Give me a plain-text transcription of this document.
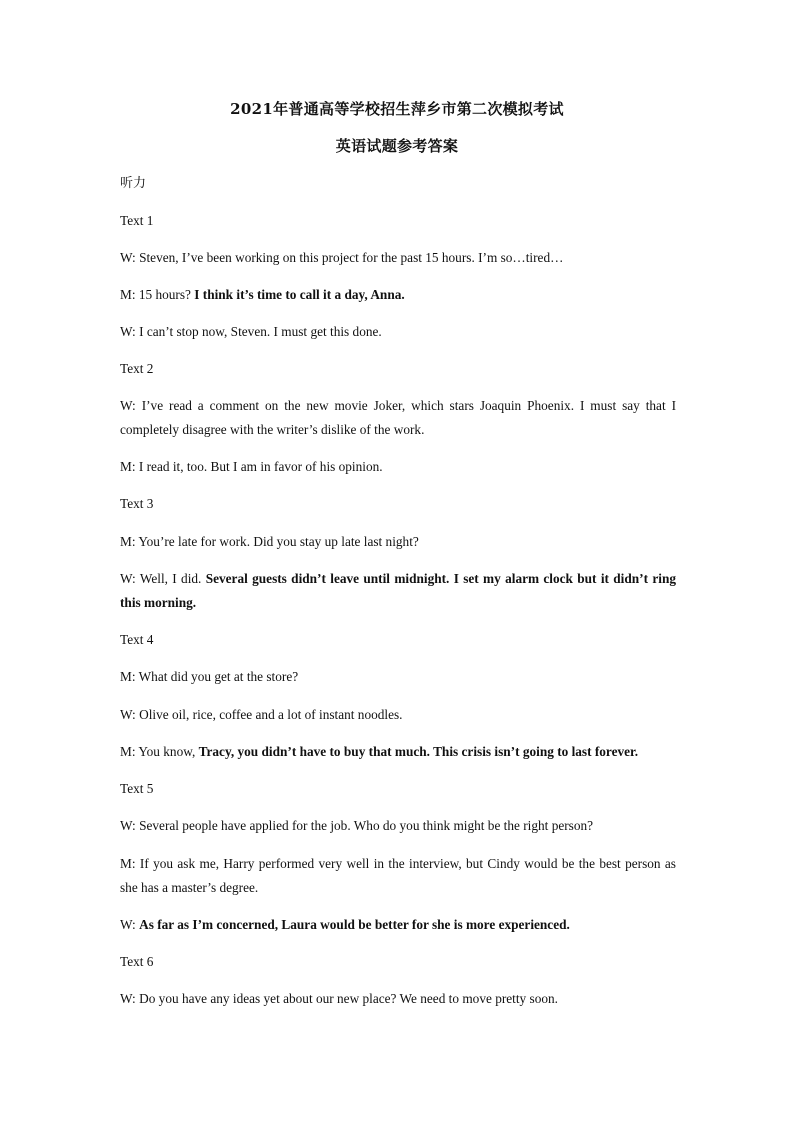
2021年普通高等学校招生萍乡市第二次模拟考试
英语试题参考答案
听力
Text 1
W: Steven, I’ve been working on this project for the past 15 hours. I’m so…tired…
M: 15 hours? I think it’s time to call it a day, Anna.
W: I can’t stop now, Steven. I must get this done.
Text 2
W: I’ve read a comment on the new movie Joker, which stars Joaquin Phoenix. I must say that I completely disagree with the writer’s dislike of the work.
M: I read it, too. But I am in favor of his opinion.
Text 3
M: You’re late for work. Did you stay up late last night?
W: Well, I did. Several guests didn’t leave until midnight. I set my alarm clock but it didn’t ring this morning.
Text 4
M: What did you get at the store?
W: Olive oil, rice, coffee and a lot of instant noodles.
M: You know, Tracy, you didn’t have to buy that much. This crisis isn’t going to last forever.
Text 5
W: Several people have applied for the job. Who do you think might be the right person?
M: If you ask me, Harry performed very well in the interview, but Cindy would be the best person as she has a master’s degree.
W: As far as I’m concerned, Laura would be better for she is more experienced.
Text 6
W: Do you have any ideas yet about our new place? We need to move pretty soon.
